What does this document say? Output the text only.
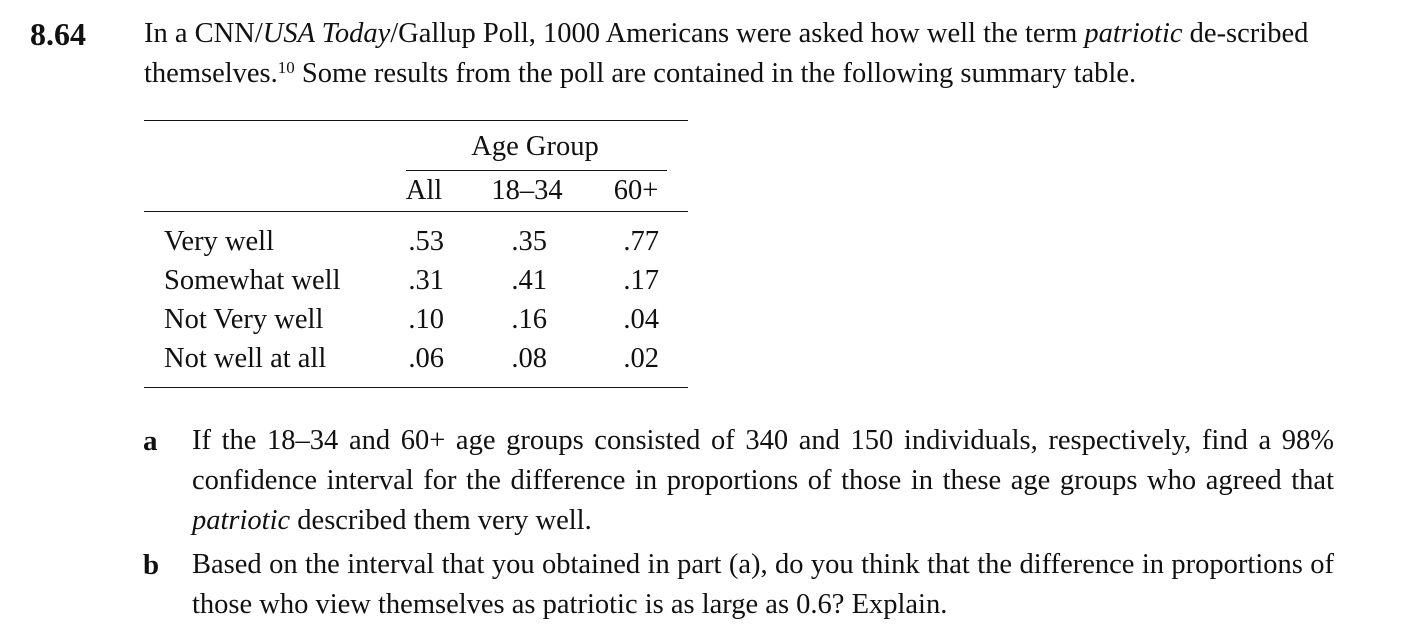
8.64 In a CNN/USA Today/Gallup Poll, 1000 Americans were asked how well the term patriotic de-scribed themselves.$^{10}$ Some results from the poll are contained in the following summary table.
Age Group
All	18–34	60+
Very well	.53	.35	.77
Somewhat well	.31	.41	.17
Not Very well	.10	.16	.04
Not well at all	.06	.08	.02
a If the 18–34 and 60+ age groups consisted of 340 and 150 individuals, respectively, find a 98% confidence interval for the difference in proportions of those in these age groups who agreed that patriotic described them very well.
b Based on the interval that you obtained in part (a), do you think that the difference in proportions of those who view themselves as patriotic is as large as 0.6? Explain.
